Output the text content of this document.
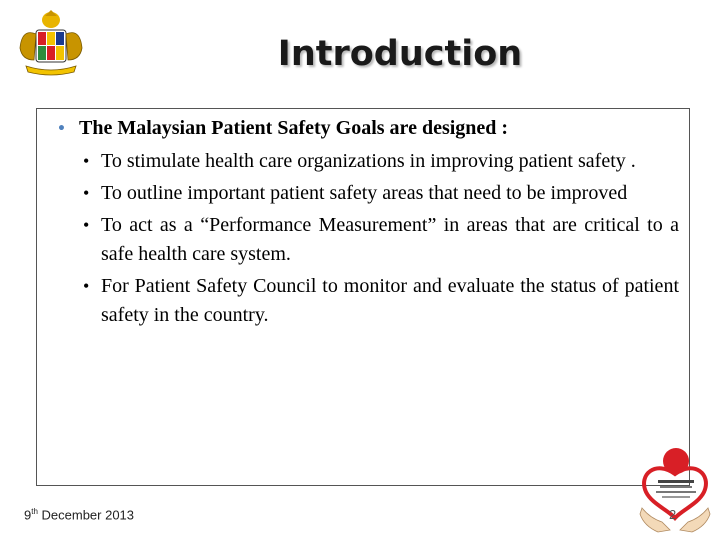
Introduction
• The Malaysian Patient Safety Goals are designed :
• To stimulate health care organizations in improving patient safety .
• To outline important patient safety areas that need to be improved
• To act as a “Performance Measurement” in areas that are critical to a safe health care system.
• For Patient Safety Council to monitor and evaluate the status of patient safety in the country.
9th December 2013	2
